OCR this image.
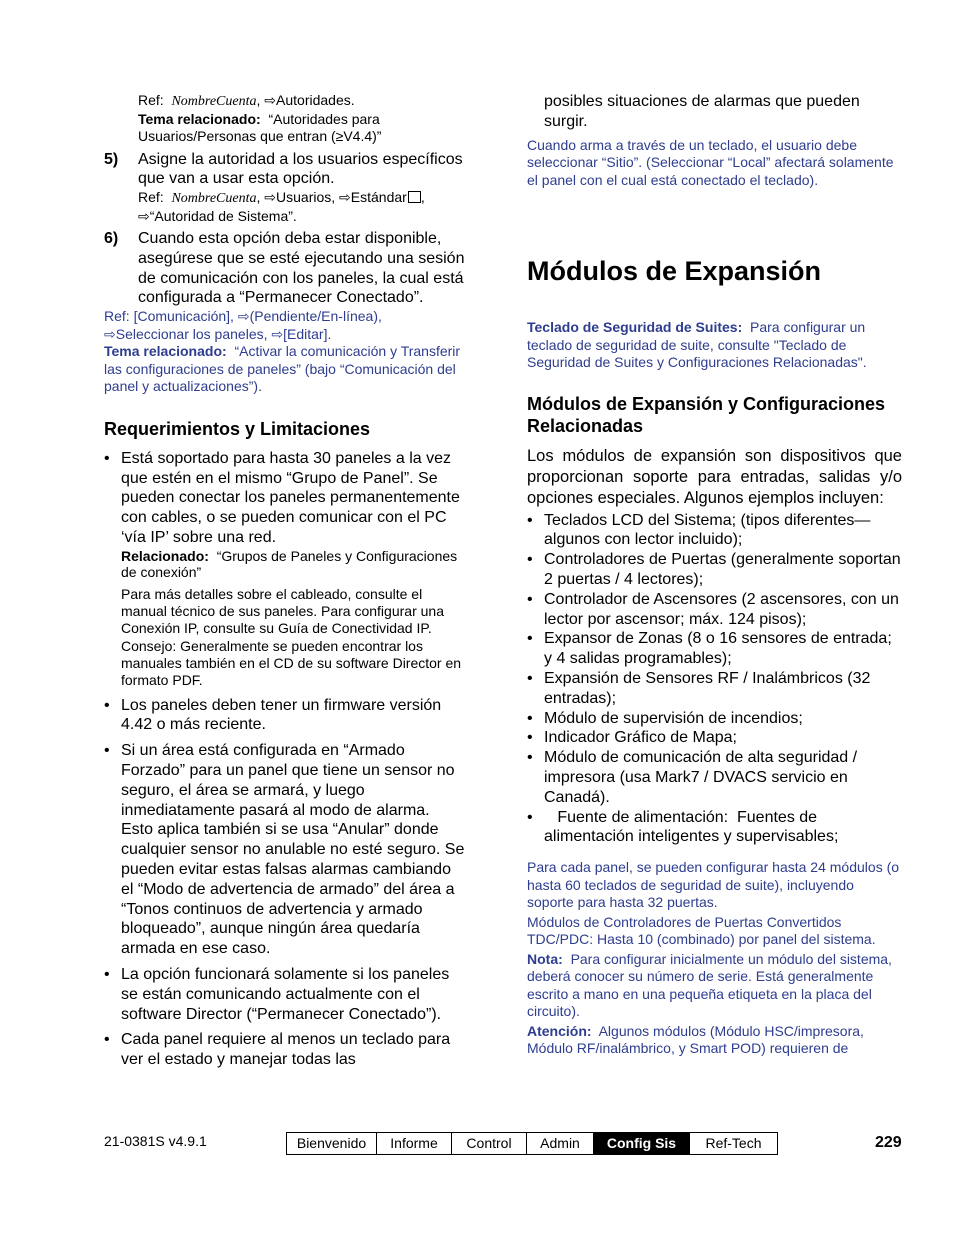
Ref: NombreCuenta, ⇨Autoridades.

Tema relacionado: “Autoridades para Usuarios/Personas que entran (≥V4.4)”

5)	Asigne la autoridad a los usuarios específicos que van a usar esta opción.

Ref: NombreCuenta, ⇨Usuarios, ⇨Estándar , ⇨“Autoridad de Sistema”.

6)	Cuando esta opción deba estar disponible, asegúrese que se esté ejecutando una sesión de comunicación con los paneles, la cual está configurada a “Permanecer Conectado”.

Ref: [Comunicación], ⇨(Pendiente/En-línea), ⇨Seleccionar los paneles, ⇨[Editar].

Tema relacionado: “Activar la comunicación y Transferir las configuraciones de paneles” (bajo “Comunicación del panel y actualizaciones”).

Requerimientos y Limitaciones
• Está soportado para hasta 30 paneles a la vez que estén en el mismo “Grupo de Panel”. Se pueden conectar los paneles permanentemente con cables, o se pueden comunicar con el PC ‘vía IP’ sobre una red.

Relacionado: “Grupos de Paneles y Configuraciones de conexión”

Para más detalles sobre el cableado, consulte el manual técnico de sus paneles. Para configurar una Conexión IP, consulte su Guía de Conectividad IP. Consejo: Generalmente se pueden encontrar los manuales también en el CD de su software Director en formato PDF.

• Los paneles deben tener un firmware versión 4.42 o más reciente.

• Si un área está configurada en “Armado Forzado” para un panel que tiene un sensor no seguro, el área se armará, y luego inmediatamente pasará al modo de alarma. Esto aplica también si se usa “Anular” donde cualquier sensor no anulable no esté seguro. Se pueden evitar estas falsas alarmas cambiando el “Modo de advertencia de armado” del área a “Tonos continuos de advertencia y armado bloqueado”, aunque ningún área quedaría armada en ese caso.

• La opción funcionará solamente si los paneles se están comunicando actualmente con el software Director (“Permanecer Conectado”).

• Cada panel requiere al menos un teclado para ver el estado y manejar todas las

posibles situaciones de alarmas que pueden surgir.

Cuando arma a través de un teclado, el usuario debe seleccionar “Sitio”. (Seleccionar “Local” afectará solamente el panel con el cual está conectado el teclado).

Módulos de Expansión

Teclado de Seguridad de Suites: Para configurar un teclado de seguridad de suite, consulte "Teclado de Seguridad de Suites y Configuraciones Relacionadas".

Módulos de Expansión y Configuraciones Relacionadas

Los módulos de expansión son dispositivos que proporcionan soporte para entradas, salidas y/o opciones especiales. Algunos ejemplos incluyen:

• Teclados LCD del Sistema; (tipos diferentes—algunos con lector incluido);

• Controladores de Puertas (generalmente soportan 2 puertas / 4 lectores);

• Controlador de Ascensores (2 ascensores, con un lector por ascensor; máx. 124 pisos);

• Expansor de Zonas (8 o 16 sensores de entrada; y 4 salidas programables);

• Expansión de Sensores RF / Inalámbricos (32 entradas);

• Módulo de supervisión de incendios;

• Indicador Gráfico de Mapa;

• Módulo de comunicación de alta seguridad / impresora (usa Mark7 / DVACS servicio en Canadá).

• Fuente de alimentación:  Fuentes de alimentación inteligentes y supervisables;

Para cada panel, se pueden configurar hasta 24 módulos (o hasta 60 teclados de seguridad de suite), incluyendo soporte para hasta 32 puertas.

Módulos de Controladores de Puertas Convertidos TDC/PDC: Hasta 10 (combinado) por panel del sistema.

Nota: Para configurar inicialmente un módulo del sistema, deberá conocer su número de serie. Está generalmente escrito a mano en una pequeña etiqueta en la placa del circuito).

Atención: Algunos módulos (Módulo HSC/impresora, Módulo RF/inalámbrico, y Smart POD) requieren de

21-0381S v4.9.1	Bienvenido	Informe	Control	Admin	Config Sis	Ref-Tech	229
